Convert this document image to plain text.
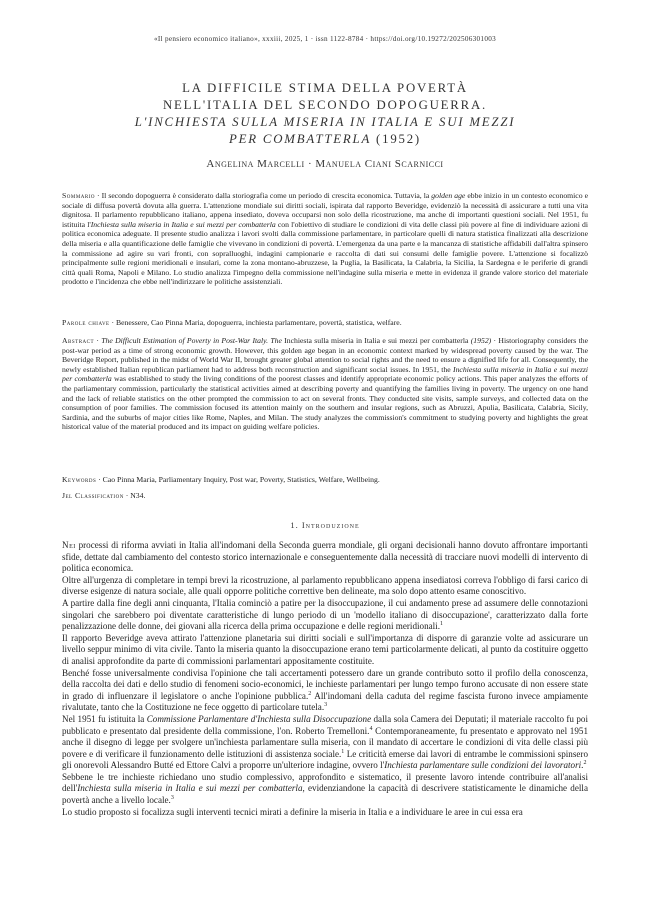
«Il pensiero economico italiano», xxxiii, 2025, 1 · issn 1122-8784 · https://doi.org/10.19272/202506301003
LA DIFFICILE STIMA DELLA POVERTÀ
NELL'ITALIA DEL SECONDO DOPOGUERRA.
L'INCHIESTA SULLA MISERIA IN ITALIA E SUI MEZZI
PER COMBATTERLA (1952)
Angelina Marcelli · Manuela Ciani Scarnicci
Sommario · Il secondo dopoguerra è considerato dalla storiografia come un periodo di crescita economica. Tuttavia, la golden age ebbe inizio in un contesto economico e sociale di diffusa povertà dovuta alla guerra. L'attenzione mondiale sui diritti sociali, ispirata dal rapporto Beveridge, evidenziò la necessità di assicurare a tutti una vita dignitosa. Il parlamento repubblicano italiano, appena insediato, doveva occuparsi non solo della ricostruzione, ma anche di importanti questioni sociali. Nel 1951, fu istituita l'Inchiesta sulla miseria in Italia e sui mezzi per combatterla con l'obiettivo di studiare le condizioni di vita delle classi più povere al fine di individuare azioni di politica economica adeguate. Il presente studio analizza i lavori svolti dalla commissione parlamentare, in particolare quelli di natura statistica finalizzati alla descrizione della miseria e alla quantificazione delle famiglie che vivevano in condizioni di povertà. L'emergenza da una parte e la mancanza di statistiche affidabili dall'altra spinsero la commissione ad agire su vari fronti, con sopralluoghi, indagini campionarie e raccolta di dati sui consumi delle famiglie povere. L'attenzione si focalizzò principalmente sulle regioni meridionali e insulari, come la zona montano-abruzzese, la Puglia, la Basilicata, la Calabria, la Sicilia, la Sardegna e le periferie di grandi città quali Roma, Napoli e Milano. Lo studio analizza l'impegno della commissione nell'indagine sulla miseria e mette in evidenza il grande valore storico del materiale prodotto e l'incidenza che ebbe nell'indirizzare le politiche assistenziali.
Parole chiave · Benessere, Cao Pinna Maria, dopoguerra, inchiesta parlamentare, povertà, statistica, welfare.
Abstract · The Difficult Estimation of Poverty in Post-War Italy. The Inchiesta sulla miseria in Italia e sui mezzi per combatterla (1952) · Historiography considers the post-war period as a time of strong economic growth. However, this golden age began in an economic context marked by widespread poverty caused by the war. The Beveridge Report, published in the midst of World War II, brought greater global attention to social rights and the need to ensure a dignified life for all. Consequently, the newly established Italian republican parliament had to address both reconstruction and significant social issues. In 1951, the Inchiesta sulla miseria in Italia e sui mezzi per combatterla was established to study the living conditions of the poorest classes and identify appropriate economic policy actions. This paper analyzes the efforts of the parliamentary commission, particularly the statistical activities aimed at describing poverty and quantifying the families living in poverty. The urgency on one hand and the lack of reliable statistics on the other prompted the commission to act on several fronts. They conducted site visits, sample surveys, and collected data on the consumption of poor families. The commission focused its attention mainly on the southern and insular regions, such as Abruzzi, Apulia, Basilicata, Calabria, Sicily, Sardinia, and the suburbs of major cities like Rome, Naples, and Milan. The study analyzes the commission's commitment to studying poverty and highlights the great historical value of the material produced and its impact on guiding welfare policies.
Keywords · Cao Pinna Maria, Parliamentary Inquiry, Post war, Poverty, Statistics, Welfare, Wellbeing.
Jel Classification · N34.
1. Introduzione

Nei processi di riforma avviati in Italia all'indomani della Seconda guerra mondiale, gli organi decisionali hanno dovuto affrontare importanti sfide, dettate dal cambiamento del contesto storico internazionale e conseguentemente dalla necessità di tracciare nuovi modelli di intervento di politica economica.

Oltre all'urgenza di completare in tempi brevi la ricostruzione, al parlamento repubblicano appena insediatosi correva l'obbligo di farsi carico di diverse esigenze di natura sociale, alle quali opporre politiche correttive ben delineate, ma solo dopo attento esame conoscitivo.

A partire dalla fine degli anni cinquanta, l'Italia cominciò a patire per la disoccupazione, il cui andamento prese ad assumere delle connotazioni singolari che sarebbero poi diventate caratteristiche di lungo periodo di un 'modello italiano di disoccupazione', caratterizzato dalla forte penalizzazione delle donne, dei giovani alla ricerca della prima occupazione e delle regioni meridionali.$^1$

Il rapporto Beveridge aveva attirato l'attenzione planetaria sui diritti sociali e sull'importanza di disporre di garanzie volte ad assicurare un livello seppur minimo di vita civile. Tanto la miseria quanto la disoccupazione erano temi particolarmente delicati, al punto da costituire oggetto di analisi approfondite da parte di commissioni parlamentari appositamente costituite.

Benché fosse universalmente condivisa l'opinione che tali accertamenti potessero dare un grande contributo sotto il profilo della conoscenza, della raccolta dei dati e dello studio di fenomeni socio-economici, le inchieste parlamentari per lungo tempo furono accusate di non essere state in grado di influenzare il legislatore o anche l'opinione pubblica.$^2$ All'indomani della caduta del regime fascista furono invece ampiamente rivalutate, tanto che la Costituzione ne fece oggetto di particolare tutela.$^3$

Nel 1951 fu istituita la Commissione Parlamentare d'Inchiesta sulla Disoccupazione dalla sola Camera dei Deputati; il materiale raccolto fu poi pubblicato e presentato dal presidente della commissione, l'on. Roberto Tremelloni.$^4$ Contemporaneamente, fu presentato e approvato nel 1951 anche il disegno di legge per svolgere un'inchiesta parlamentare sulla miseria, con il mandato di accertare le condizioni di vita delle classi più povere e di verificare il funzionamento delle istituzioni di assistenza sociale.$^1$ Le criticità emerse dai lavori di entrambe le commissioni spinsero gli onorevoli Alessandro Butté ed Ettore Calvi a proporre un'ulteriore indagine, ovvero l'Inchiesta parlamentare sulle condizioni dei lavoratori.$^2$

Sebbene le tre inchieste richiedano uno studio complessivo, approfondito e sistematico, il presente lavoro intende contribuire all'analisi dell'Inchiesta sulla miseria in Italia e sui mezzi per combatterla, evidenziandone la capacità di descrivere statisticamente le dinamiche della povertà anche a livello locale.$^3$

Lo studio proposto si focalizza sugli interventi tecnici mirati a definire la miseria in Italia e a individuare le aree in cui essa era
